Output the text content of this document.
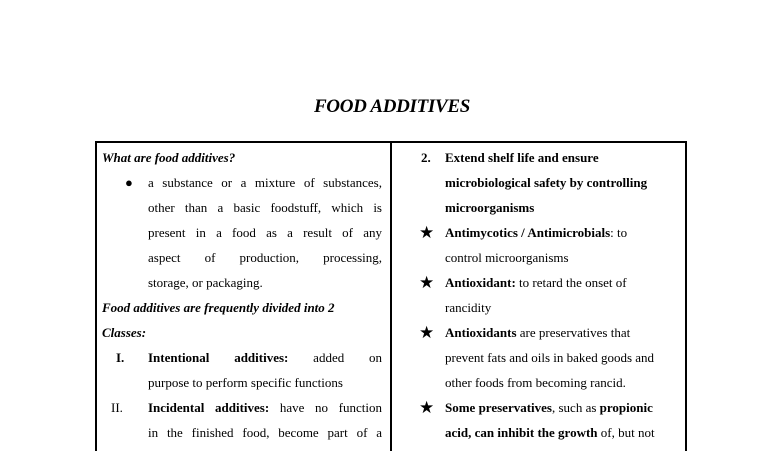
FOOD ADDITIVES
What are food additives?
● a substance or a mixture of substances,
other than a basic foodstuff, which is
present in a food as a result of any
aspect of production, processing,
storage, or packaging.
Food additives are frequently divided into 2
Classes:
I. Intentional additives: added on
purpose to perform specific functions
II. Incidental additives: have no function
in the finished food, become part of a
2. Extend shelf life and ensure
microbiological safety by controlling
microorganisms
★ Antimycotics / Antimicrobials: to
control microorganisms
★ Antioxidant: to retard the onset of
rancidity
★ Antioxidants are preservatives that
prevent fats and oils in baked goods and
other foods from becoming rancid.
★ Some preservatives, such as propionic
acid, can inhibit the growth of, but not
